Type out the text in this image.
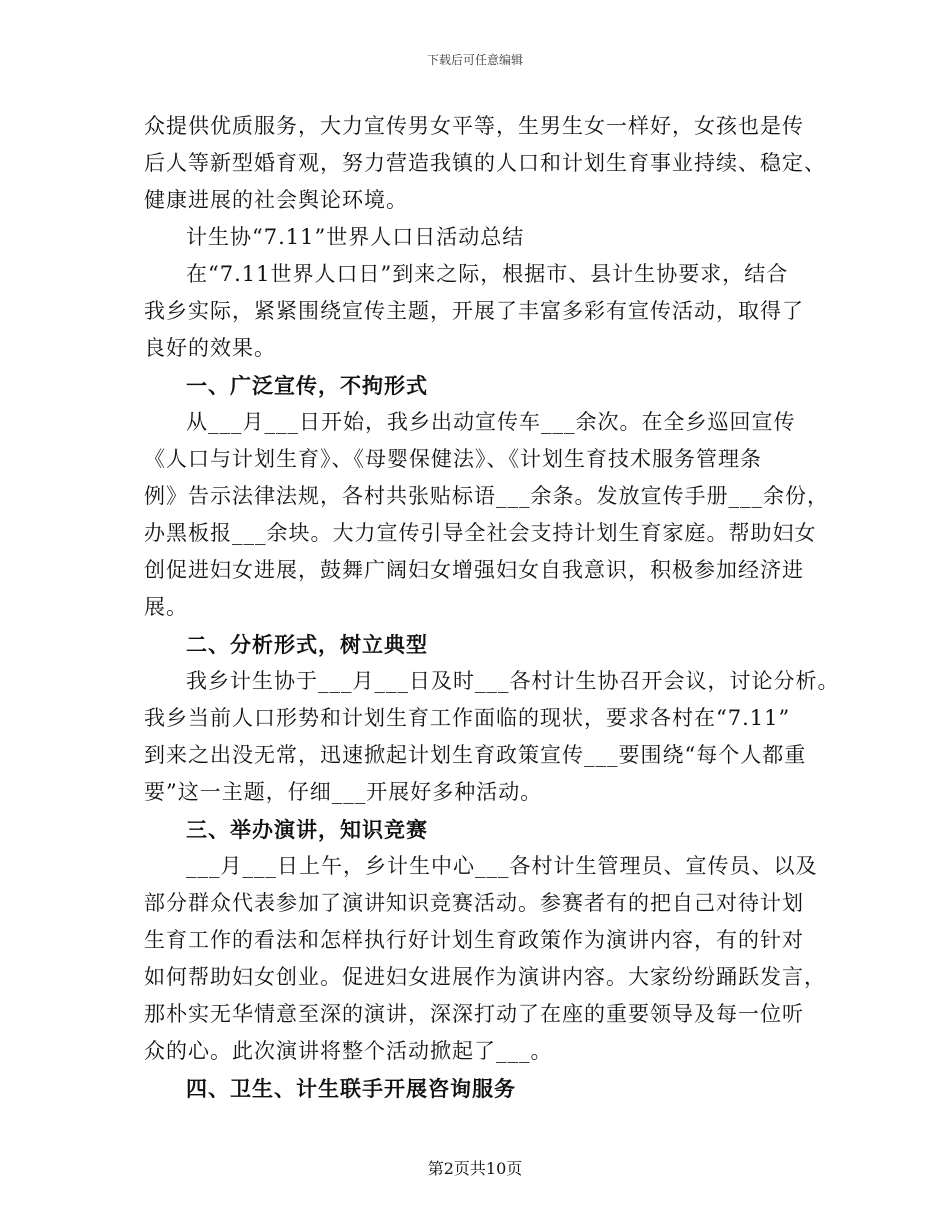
下载后可任意编辑
众提供优质服务，大力宣传男女平等，生男生女一样好，女孩也是传
后人等新型婚育观，努力营造我镇的人口和计划生育事业持续、稳定、
健康进展的社会舆论环境。
计生协“7.11”世界人口日活动总结
在“7.11世界人口日”到来之际，根据市、县计生协要求，结合
我乡实际，紧紧围绕宣传主题，开展了丰富多彩有宣传活动，取得了
良好的效果。
一、广泛宣传，不拘形式
从___月___日开始，我乡出动宣传车___余次。在全乡巡回宣传
《人口与计划生育》、《母婴保健法》、《计划生育技术服务管理条
例》告示法律法规，各村共张贴标语___余条。发放宣传手册___余份，
办黑板报___余块。大力宣传引导全社会支持计划生育家庭。帮助妇女
创促进妇女进展，鼓舞广阔妇女增强妇女自我意识，积极参加经济进
展。
二、分析形式，树立典型
我乡计生协于___月___日及时___各村计生协召开会议，讨论分析。
我乡当前人口形势和计划生育工作面临的现状，要求各村在“7.11”
到来之出没无常，迅速掀起计划生育政策宣传___要围绕“每个人都重
要”这一主题，仔细___开展好多种活动。
三、举办演讲，知识竞赛
___月___日上午，乡计生中心___各村计生管理员、宣传员、以及
部分群众代表参加了演讲知识竞赛活动。参赛者有的把自己对待计划
生育工作的看法和怎样执行好计划生育政策作为演讲内容，有的针对
如何帮助妇女创业。促进妇女进展作为演讲内容。大家纷纷踊跃发言，
那朴实无华情意至深的演讲，深深打动了在座的重要领导及每一位听
众的心。此次演讲将整个活动掀起了___。
四、卫生、计生联手开展咨询服务
第2页共10页
